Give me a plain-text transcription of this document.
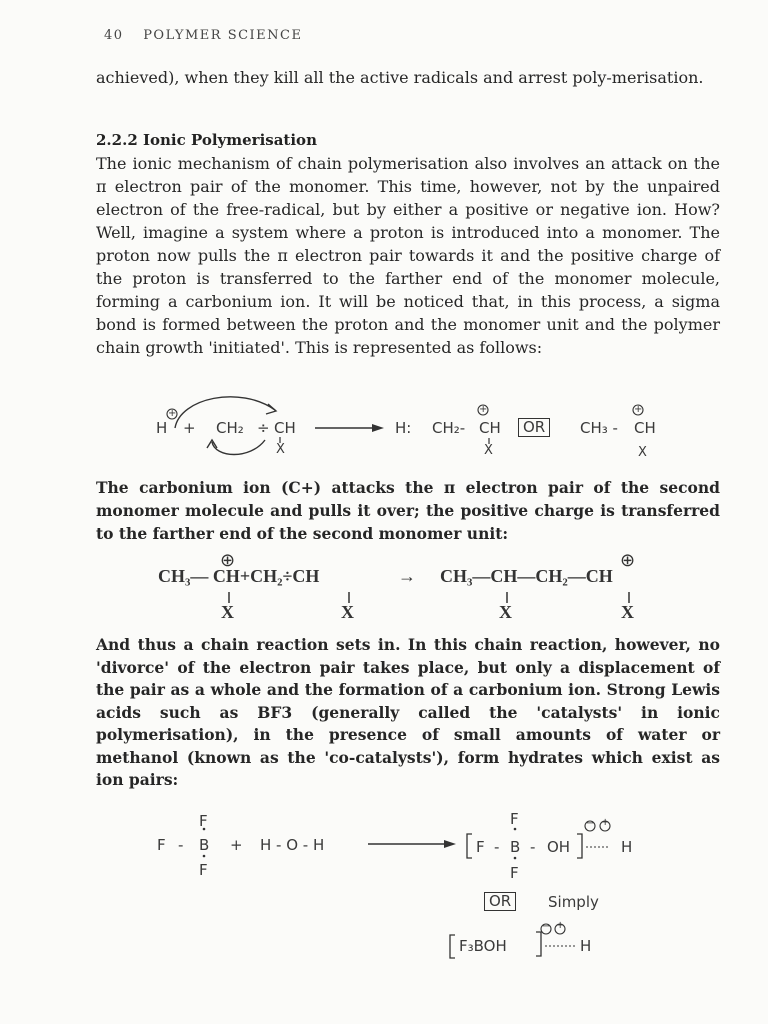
40 POLYMER SCIENCE
achieved), when they kill all the active radicals and arrest poly-merisation.
2.2.2 Ionic Polymerisation
The ionic mechanism of chain polymerisation also involves an attack on the π electron pair of the monomer. This time, however, not by the unpaired electron of the free-radical, but by either a positive or negative ion. How? Well, imagine a system where a proton is introduced into a monomer. The proton now pulls the π electron pair towards it and the positive charge of the proton is transferred to the farther end of the monomer molecule, forming a carbonium ion. It will be noticed that, in this process, a sigma bond is formed between the proton and the monomer unit and the polymer chain growth 'initiated'. This is represented as follows:
+
H + CH₂ ÷ CH
X
H: CH₂-
+
CH
X
OR	CH₃ -
+
CH
X
The carbonium ion (C+) attacks the π electron pair of the second monomer molecule and pulls it over; the positive charge is transferred to the farther end of the second monomer unit:
⊕
CH₃— CH+CH₂÷CH	→ CH₃—CH—CH₂—CH
⊕
X	X	X	X
And thus a chain reaction sets in. In this chain reaction, however, no 'divorce' of the electron pair takes place, but only a displacement of the pair as a whole and the formation of a carbonium ion. Strong Lewis acids such as BF3 (generally called the 'catalysts' in ionic polymerisation), in the presence of small amounts of water or methanol (known as the 'co-catalysts'), form hydrates which exist as ion pairs:
F
F - B
F
+ H - O - H
F
F - B - OH
F
− +
H
OR	Simply
F₃BOH
− +
H
